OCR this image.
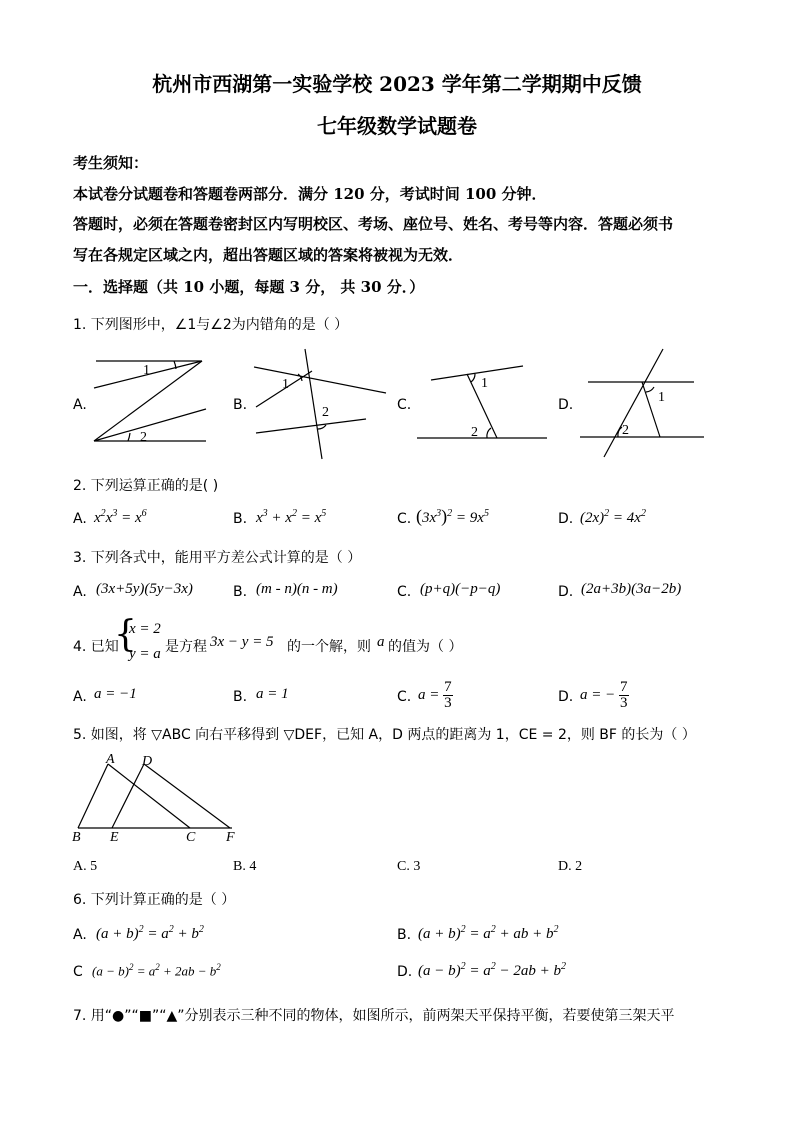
杭州市西湖第一实验学校 2023 学年第二学期期中反馈
七年级数学试题卷
考生须知：
本试卷分试题卷和答题卷两部分．满分 120 分，考试时间 100 分钟．
答题时，必须在答题卷密封区内写明校区、考场、座位号、姓名、考号等内容．答题必须书
写在各规定区域之内，超出答题区域的答案将被视为无效．
一．选择题（共 10 小题，每题 3 分， 共 30 分．）
1. 下列图形中，∠1与∠2为内错角的是（ ）
A.	B.	C.	D.
1
2
1
2
1
2
1
2
2. 下列运算正确的是( )
A. $x^2x^3 = x^6$	B. $x^3 + x^2 = x^5$	C. $(3x^3)^2 = 9x^5$	D. $(2x)^2 = 4x^2$
3. 下列各式中，能用平方差公式计算的是（ ）
A. (3x+5y)(5y−3x)	B. (m - n)(n - m)	C. (p+q)(−p−q)	D. (2a+3b)(3a−2b)
4. 已知
{
x = 2
y = a 是方程 3x − y = 5 的一个解，则 a 的值为（ ）
A. a = −1	B. a = 1	C. $a = \frac{7}{3}$	D. a = − $\frac{7}{3}$
5. 如图，将 ▽ABC 向右平移得到 ▽DEF，已知 A，D 两点的距离为 1，CE = 2，则 BF 的长为（ ）
A D
B E	C F
A. 5	B. 4	C. 3	D. 2
6. 下列计算正确的是（ ）
A. $(a + b)^2 = a^2 + b^2$	B. $(a + b)^2 = a^2$ + ab + $b^2$
C $(a - b)^2 = a^2 + 2ab - b^2$	D. $(a - b)^2 = a^2 - 2ab + b^2$
7. 用“●”“■”“▲”分别表示三种不同的物体，如图所示，前两架天平保持平衡，若要使第三架天平
